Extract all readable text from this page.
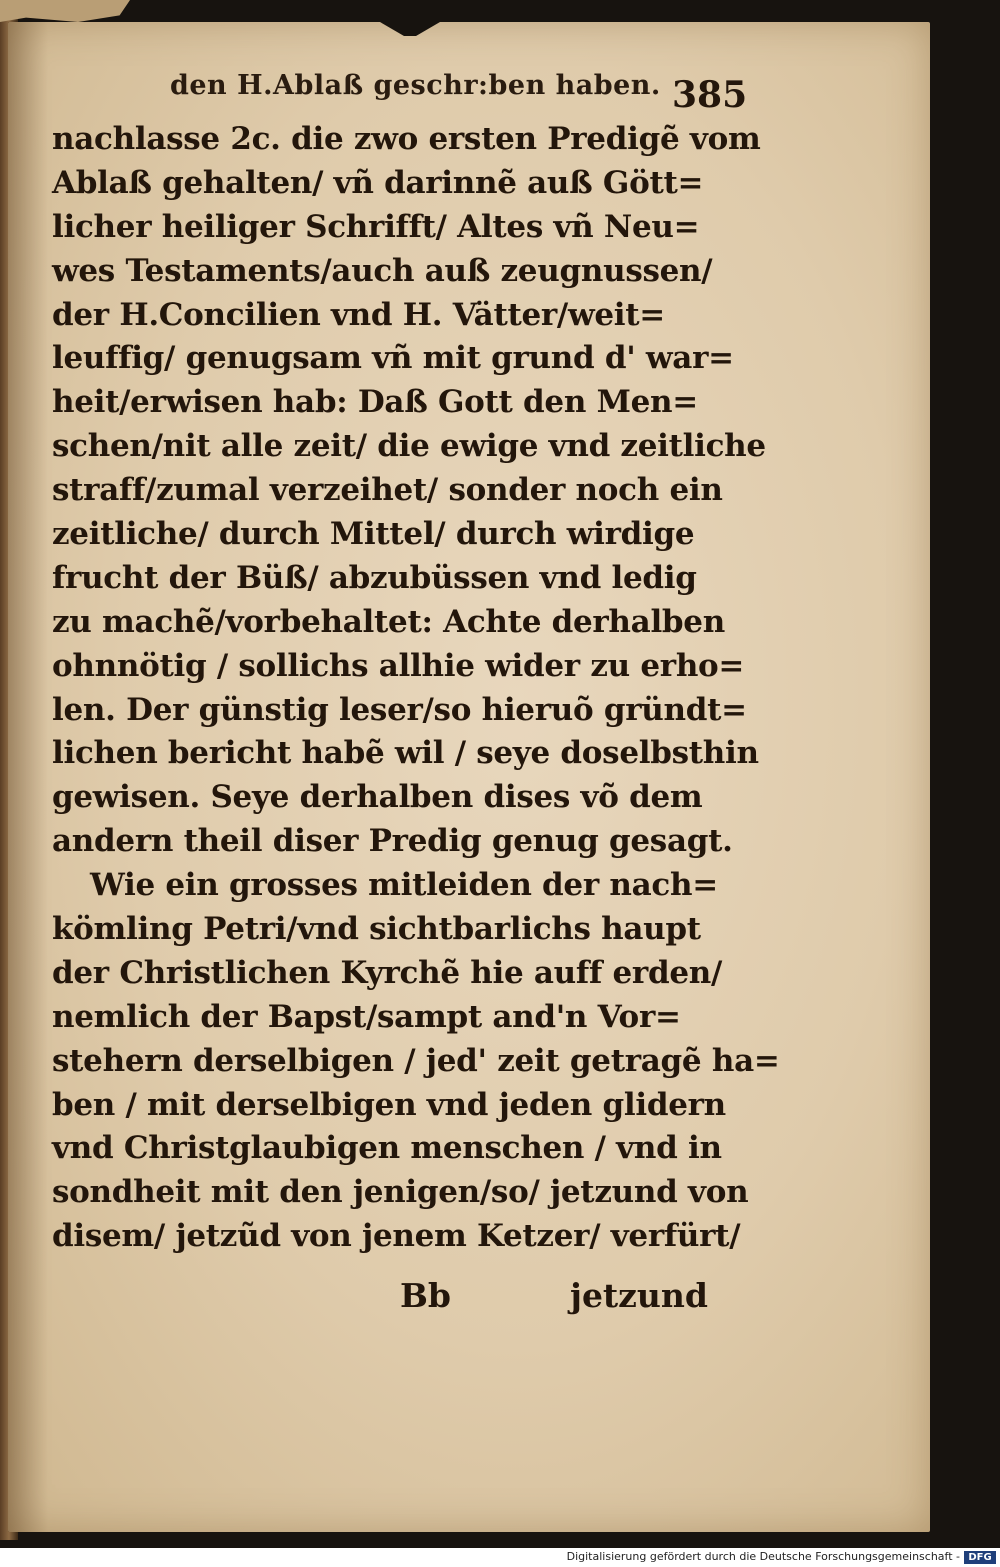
den H.Ablaß geschr:ben haben. 385
nachlasse 2c. die zwo ersten Predigẽ vom
Ablaß gehalten/ vñ darinnẽ auß Gött=
licher heiliger Schrifft/ Altes vñ Neu=
wes Testaments/auch auß zeugnussen/
der H.Concilien vnd H. Vätter/weit=
leuffig/ genugsam vñ mit grund d' war=
heit/erwisen hab: Daß Gott den Men=
schen/nit alle zeit/ die ewige vnd zeitliche
straff/zumal verzeihet/ sonder noch ein
zeitliche/ durch Mittel/ durch wirdige
frucht der Büß/ abzubüssen vnd ledig
zu machẽ/vorbehaltet: Achte derhalben
ohnnötig / sollichs allhie wider zu erho=
len. Der günstig leser/so hieruõ gründt=
lichen bericht habẽ wil / seye doselbsthin
gewisen. Seye derhalben dises võ dem
andern theil diser Predig genug gesagt.
Wie ein grosses mitleiden der nach=
kömling Petri/vnd sichtbarlichs haupt
der Christlichen Kyrchẽ hie auff erden/
nemlich der Bapst/sampt and'n Vor=
stehern derselbigen / jed' zeit getragẽ ha=
ben / mit derselbigen vnd jeden glidern
vnd Christglaubigen menschen / vnd in
sondheit mit den jenigen/so/ jetzund von
disem/ jetzũd von jenem Ketzer/ verfürt/
Bb	jetzund
Digitalisierung gefördert durch die Deutsche Forschungsgemeinschaft - DFG
